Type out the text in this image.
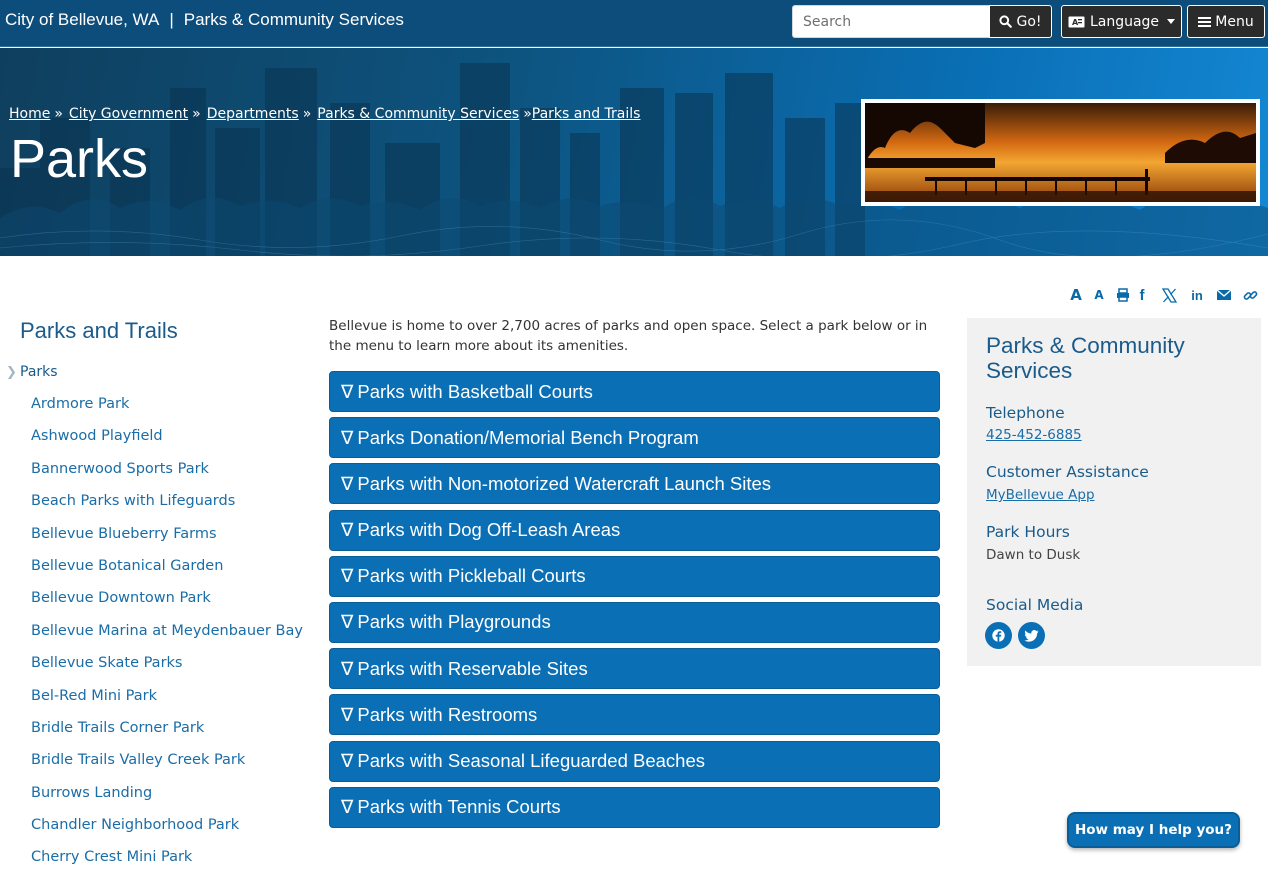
City of Bellevue, WA | Parks & Community Services
Search	Go!	A Language	Menu
Home » City Government » Departments » Parks & Community Services »Parks and Trails
Parks
A A f	in
Parks and Trails
❯ Parks
Ardmore Park
Ashwood Playfield
Bannerwood Sports Park
Beach Parks with Lifeguards
Bellevue Blueberry Farms
Bellevue Botanical Garden
Bellevue Downtown Park
Bellevue Marina at Meydenbauer Bay
Bellevue Skate Parks
Bel-Red Mini Park
Bridle Trails Corner Park
Bridle Trails Valley Creek Park
Burrows Landing
Chandler Neighborhood Park
Cherry Crest Mini Park

Bellevue is home to over 2,700 acres of parks and open space. Select a park below or in the menu to learn more about its amenities.

∇ Parks with Basketball Courts
∇ Parks Donation/Memorial Bench Program
∇ Parks with Non-motorized Watercraft Launch Sites
∇ Parks with Dog Off-Leash Areas
∇ Parks with Pickleball Courts
∇ Parks with Playgrounds
∇ Parks with Reservable Sites
∇ Parks with Restrooms
∇ Parks with Seasonal Lifeguarded Beaches
∇ Parks with Tennis Courts
Parks & Community Services
Telephone
425-452-6885
Customer Assistance
MyBellevue App
Park Hours
Dawn to Dusk
Social Media
How may I help you?
